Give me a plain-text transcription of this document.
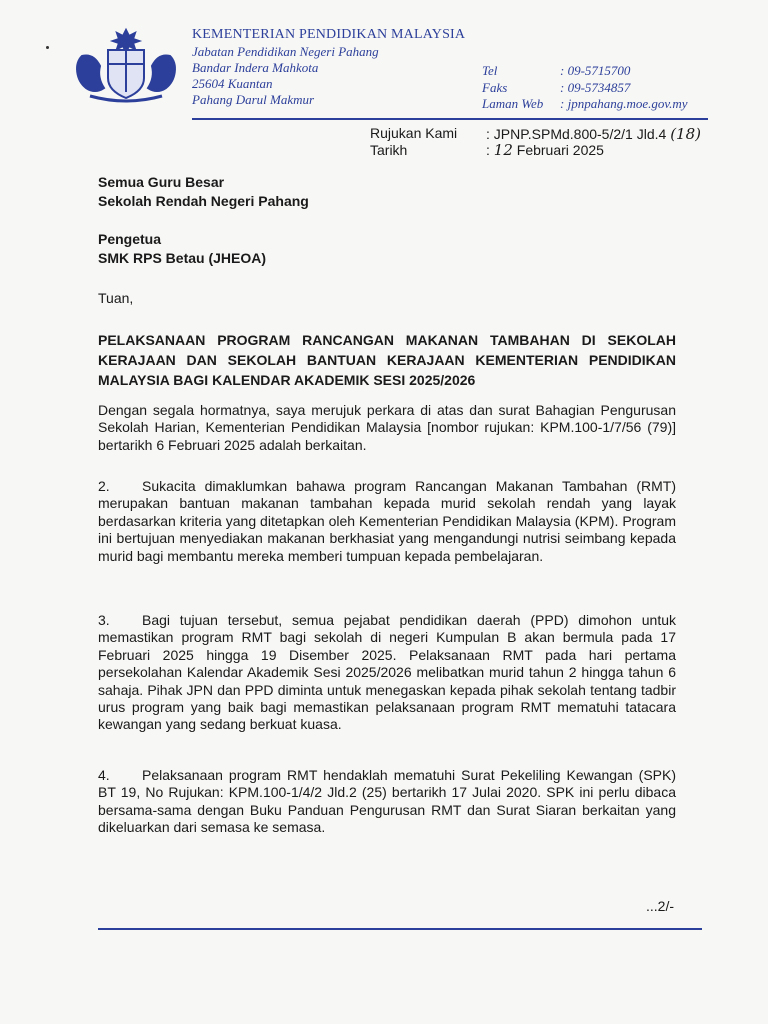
KEMENTERIAN PENDIDIKAN MALAYSIA
Jabatan Pendidikan Negeri Pahang
Bandar Indera Mahkota
25604 Kuantan
Pahang Darul Makmur
Tel	: 09-5715700
Faks	: 09-5734857
Laman Web : jpnpahang.moe.gov.my
Rujukan Kami : JPNP.SPMd.800-5/2/1 Jld.4 (18)
Tarikh	: 12 Februari 2025
Semua Guru Besar
Sekolah Rendah Negeri Pahang
Pengetua
SMK RPS Betau (JHEOA)
Tuan,
PELAKSANAAN PROGRAM RANCANGAN MAKANAN TAMBAHAN DI SEKOLAH KERAJAAN DAN SEKOLAH BANTUAN KERAJAAN KEMENTERIAN PENDIDIKAN MALAYSIA BAGI KALENDAR AKADEMIK SESI 2025/2026
Dengan segala hormatnya, saya merujuk perkara di atas dan surat Bahagian Pengurusan Sekolah Harian, Kementerian Pendidikan Malaysia [nombor rujukan: KPM.100-1/7/56 (79)] bertarikh 6 Februari 2025 adalah berkaitan.
2. Sukacita dimaklumkan bahawa program Rancangan Makanan Tambahan (RMT) merupakan bantuan makanan tambahan kepada murid sekolah rendah yang layak berdasarkan kriteria yang ditetapkan oleh Kementerian Pendidikan Malaysia (KPM). Program ini bertujuan menyediakan makanan berkhasiat yang mengandungi nutrisi seimbang kepada murid bagi membantu mereka memberi tumpuan kepada pembelajaran.
3. Bagi tujuan tersebut, semua pejabat pendidikan daerah (PPD) dimohon untuk memastikan program RMT bagi sekolah di negeri Kumpulan B akan bermula pada 17 Februari 2025 hingga 19 Disember 2025. Pelaksanaan RMT pada hari pertama persekolahan Kalendar Akademik Sesi 2025/2026 melibatkan murid tahun 2 hingga tahun 6 sahaja. Pihak JPN dan PPD diminta untuk menegaskan kepada pihak sekolah tentang tadbir urus program yang baik bagi memastikan pelaksanaan program RMT mematuhi tatacara kewangan yang sedang berkuat kuasa.
4. Pelaksanaan program RMT hendaklah mematuhi Surat Pekeliling Kewangan (SPK) BT 19, No Rujukan: KPM.100-1/4/2 Jld.2 (25) bertarikh 17 Julai 2020. SPK ini perlu dibaca bersama-sama dengan Buku Panduan Pengurusan RMT dan Surat Siaran berkaitan yang dikeluarkan dari semasa ke semasa.
...2/-
